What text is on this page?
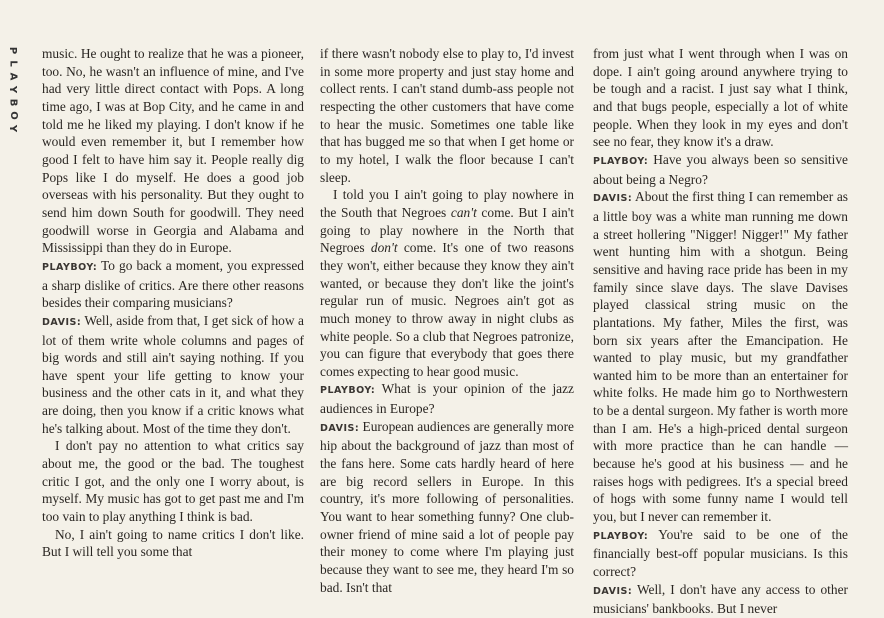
P
L
A
Y
B
O
Y

music. He ought to realize that he was a pioneer, too. No, he wasn't an influence of mine, and I've had very little direct contact with Pops. A long time ago, I was at Bop City, and he came in and told me he liked my playing. I don't know if he would even remember it, but I remember how good I felt to have him say it. People really dig Pops like I do myself. He does a good job overseas with his personality. But they ought to send him down South for goodwill. They need goodwill worse in Georgia and Alabama and Mississippi than they do in Europe.

PLAYBOY: To go back a moment, you expressed a sharp dislike of critics. Are there other reasons besides their comparing musicians?

DAVIS: Well, aside from that, I get sick of how a lot of them write whole columns and pages of big words and still ain't saying nothing. If you have spent your life getting to know your business and the other cats in it, and what they are doing, then you know if a critic knows what he's talking about. Most of the time they don't.

I don't pay no attention to what critics say about me, the good or the bad. The toughest critic I got, and the only one I worry about, is myself. My music has got to get past me and I'm too vain to play anything I think is bad.

No, I ain't going to name critics I don't like. But I will tell you some that

if there wasn't nobody else to play to, I'd invest in some more property and just stay home and collect rents. I can't stand dumb-ass people not respecting the other customers that have come to hear the music. Sometimes one table like that has bugged me so that when I get home or to my hotel, I walk the floor because I can't sleep.

I told you I ain't going to play nowhere in the South that Negroes can't come. But I ain't going to play nowhere in the North that Negroes don't come. It's one of two reasons they won't, either because they know they ain't wanted, or because they don't like the joint's regular run of music. Negroes ain't got as much money to throw away in night clubs as white people. So a club that Negroes patronize, you can figure that everybody that goes there comes expecting to hear good music.

PLAYBOY: What is your opinion of the jazz audiences in Europe?

DAVIS: European audiences are generally more hip about the background of jazz than most of the fans here. Some cats hardly heard of here are big record sellers in Europe. In this country, it's more following of personalities. You want to hear something funny? One club-owner friend of mine said a lot of people pay their money to come where I'm playing just because they want to see me, they heard I'm so bad. Isn't that

from just what I went through when I was on dope. I ain't going around anywhere trying to be tough and a racist. I just say what I think, and that bugs people, especially a lot of white people. When they look in my eyes and don't see no fear, they know it's a draw.

PLAYBOY: Have you always been so sensitive about being a Negro?

DAVIS: About the first thing I can remember as a little boy was a white man running me down a street hollering "Nigger! Nigger!" My father went hunting him with a shotgun. Being sensitive and having race pride has been in my family since slave days. The slave Davises played classical string music on the plantations. My father, Miles the first, was born six years after the Emancipation. He wanted to play music, but my grandfather wanted him to be more than an entertainer for white folks. He made him go to Northwestern to be a dental surgeon. My father is worth more than I am. He's a high-priced dental surgeon with more practice than he can handle — because he's good at his business — and he raises hogs with pedigrees. It's a special breed of hogs with some funny name I would tell you, but I never can remember it.

PLAYBOY: You're said to be one of the financially best-off popular musicians. Is this correct?

DAVIS: Well, I don't have any access to other musicians' bankbooks. But I never
